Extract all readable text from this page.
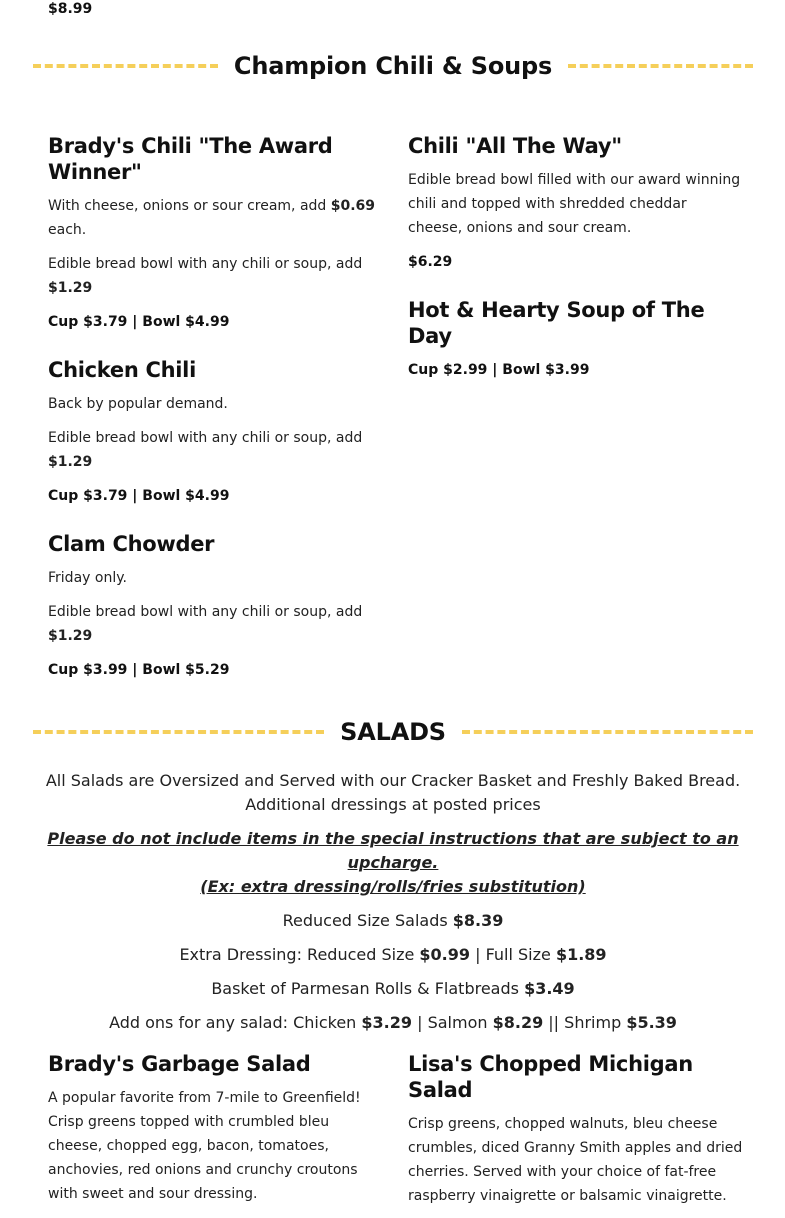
$8.99
Champion Chili & Soups
Brady's Chili "The Award Winner"

With cheese, onions or sour cream, add $0.69 each.

Edible bread bowl with any chili or soup, add
$1.29

Cup $3.79 | Bowl $4.99

Chicken Chili

Back by popular demand.

Edible bread bowl with any chili or soup, add
$1.29

Cup $3.79 | Bowl $4.99

Clam Chowder

Friday only.

Edible bread bowl with any chili or soup, add
$1.29

Cup $3.99 | Bowl $5.29

Chili "All The Way"

Edible bread bowl filled with our award winning chili and topped with shredded cheddar cheese, onions and sour cream.

$6.29

Hot & Hearty Soup of The Day

Cup $2.99 | Bowl $3.99

SALADS

All Salads are Oversized and Served with our Cracker Basket and Freshly Baked Bread.
Additional dressings at posted prices

Please do not include items in the special instructions that are subject to an upcharge.
(Ex: extra dressing/rolls/fries substitution)

Reduced Size Salads $8.39

Extra Dressing: Reduced Size $0.99 | Full Size $1.89

Basket of Parmesan Rolls & Flatbreads $3.49

Add ons for any salad: Chicken $3.29 | Salmon $8.29 || Shrimp $5.39

Brady's Garbage Salad

A popular favorite from 7-mile to Greenfield! Crisp greens topped with crumbled bleu cheese, chopped egg, bacon, tomatoes, anchovies, red onions and crunchy croutons with sweet and sour dressing.

Lisa's Chopped Michigan Salad

Crisp greens, chopped walnuts, bleu cheese crumbles, diced Granny Smith apples and dried cherries. Served with your choice of fat-free raspberry vinaigrette or balsamic vinaigrette.
